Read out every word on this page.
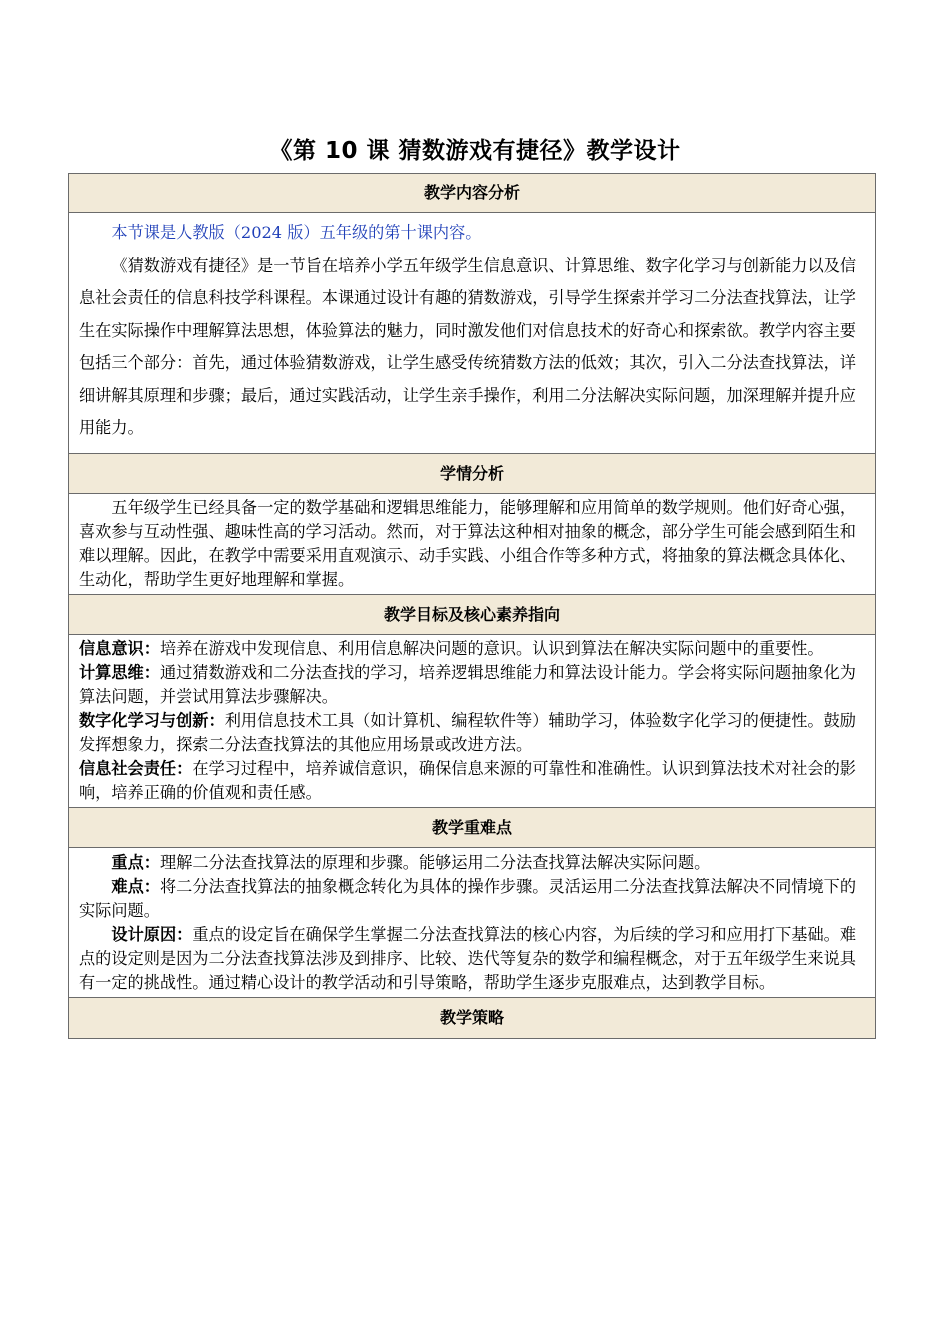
《第 10 课 猜数游戏有捷径》教学设计
教学内容分析

本节课是人教版（2024 版）五年级的第十课内容。

《猜数游戏有捷径》是一节旨在培养小学五年级学生信息意识、计算思维、数字化学习与创新能力以及信息社会责任的信息科技学科课程。本课通过设计有趣的猜数游戏，引导学生探索并学习二分法查找算法，让学生在实际操作中理解算法思想，体验算法的魅力，同时激发他们对信息技术的好奇心和探索欲。教学内容主要包括三个部分：首先，通过体验猜数游戏，让学生感受传统猜数方法的低效；其次，引入二分法查找算法，详细讲解其原理和步骤；最后，通过实践活动，让学生亲手操作，利用二分法解决实际问题，加深理解并提升应用能力。

学情分析

五年级学生已经具备一定的数学基础和逻辑思维能力，能够理解和应用简单的数学规则。他们好奇心强，喜欢参与互动性强、趣味性高的学习活动。然而，对于算法这种相对抽象的概念，部分学生可能会感到陌生和难以理解。因此，在教学中需要采用直观演示、动手实践、小组合作等多种方式，将抽象的算法概念具体化、生动化，帮助学生更好地理解和掌握。

教学目标及核心素养指向

信息意识：培养在游戏中发现信息、利用信息解决问题的意识。认识到算法在解决实际问题中的重要性。

计算思维：通过猜数游戏和二分法查找的学习，培养逻辑思维能力和算法设计能力。学会将实际问题抽象化为算法问题，并尝试用算法步骤解决。

数字化学习与创新：利用信息技术工具（如计算机、编程软件等）辅助学习，体验数字化学习的便捷性。鼓励发挥想象力，探索二分法查找算法的其他应用场景或改进方法。

信息社会责任：在学习过程中，培养诚信意识，确保信息来源的可靠性和准确性。认识到算法技术对社会的影响，培养正确的价值观和责任感。

教学重难点

重点：理解二分法查找算法的原理和步骤。能够运用二分法查找算法解决实际问题。

难点：将二分法查找算法的抽象概念转化为具体的操作步骤。灵活运用二分法查找算法解决不同情境下的实际问题。

设计原因：重点的设定旨在确保学生掌握二分法查找算法的核心内容，为后续的学习和应用打下基础。难点的设定则是因为二分法查找算法涉及到排序、比较、迭代等复杂的数学和编程概念，对于五年级学生来说具有一定的挑战性。通过精心设计的教学活动和引导策略，帮助学生逐步克服难点，达到教学目标。

教学策略
